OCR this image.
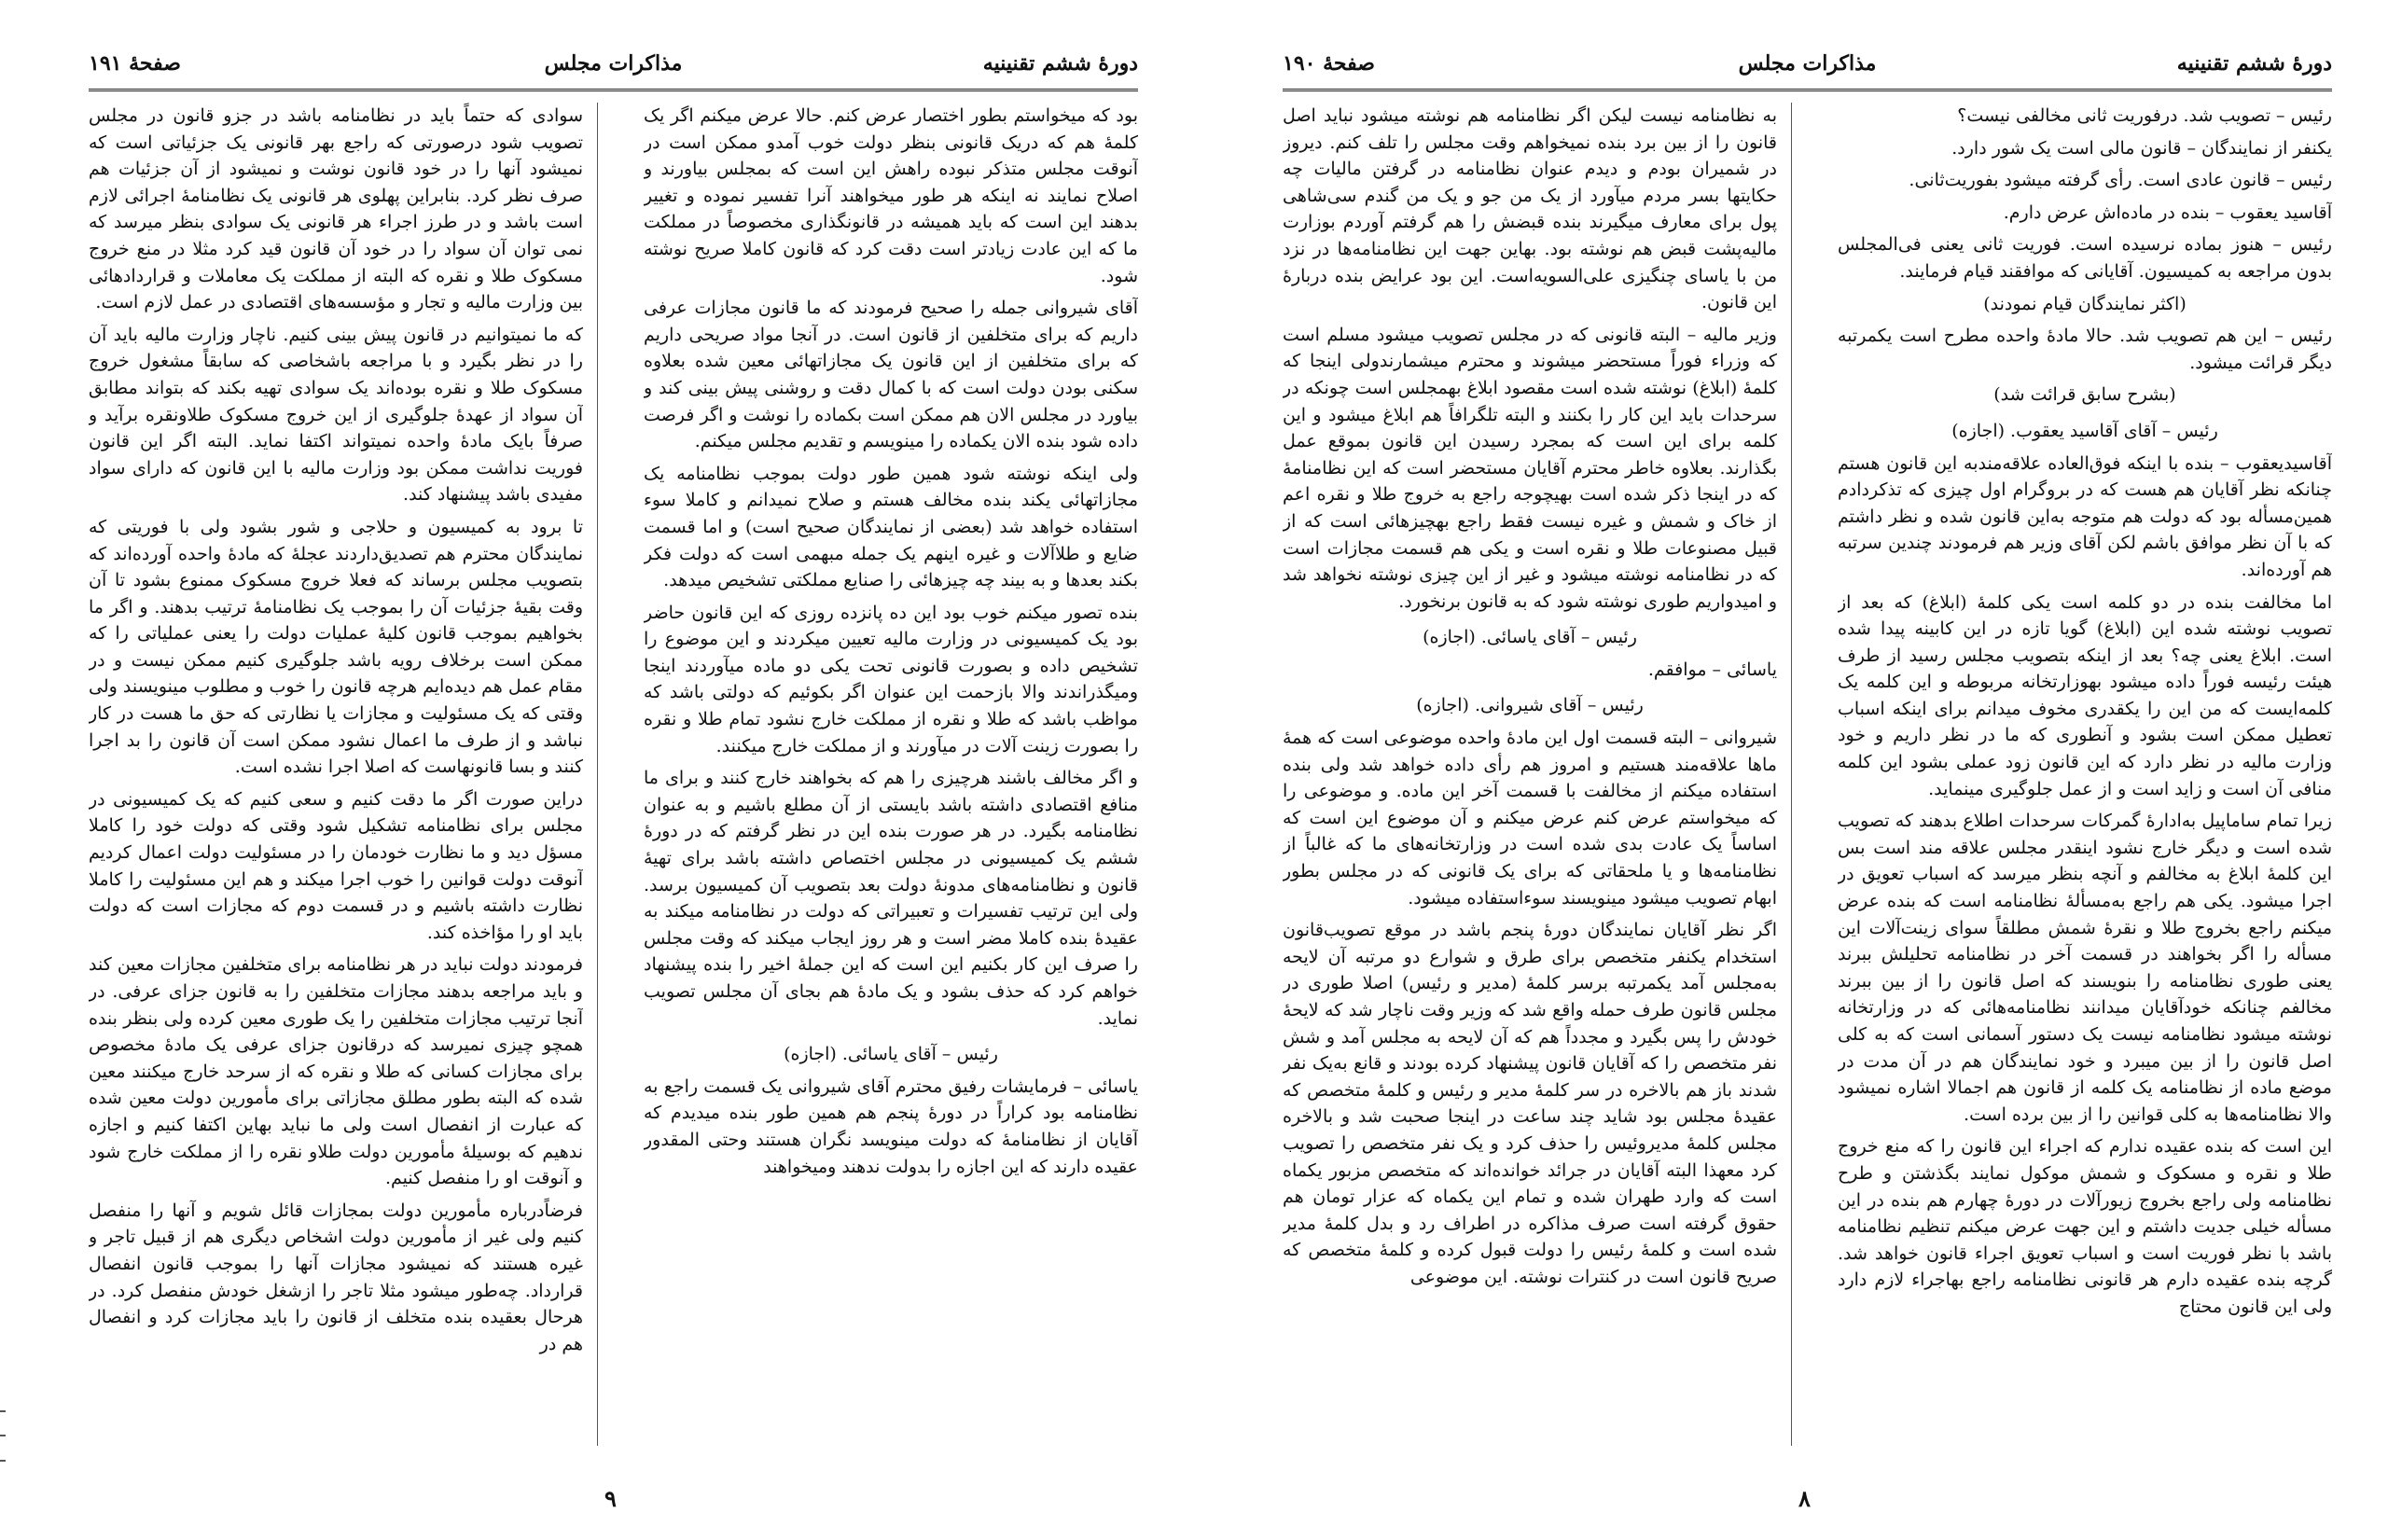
دورهٔ ششم تقنینیه
مذاکرات مجلس
صفحهٔ ۱۹۱

بود که میخواستم بطور اختصار عرض کنم. حالا عرض میکنم اگر یک کلمهٔ هم که دریک قانونی بنظر دولت خوب آمدو ممکن است در آنوقت مجلس متذکر نبوده راهش این است که بمجلس بیاورند و اصلاح نمایند نه اینکه هر طور میخواهند آنرا تفسیر نموده و تغییر بدهند این است که باید همیشه در قانونگذاری مخصوصاً در مملکت ما که این عادت زیادتر است دقت کرد که قانون کاملا صریح نوشته شود.

آقای شیروانی جمله را صحیح فرمودند که ما قانون مجازات عرفی داریم که برای متخلفین از قانون است. در آنجا مواد صریحی داریم که برای متخلفین از این قانون یک مجازاتهائی معین شده بعلاوه سکنی بودن دولت است که با کمال دقت و روشنی پیش بینی کند و بیاورد در مجلس الان هم ممکن است بکماده را نوشت و اگر فرصت داده شود بنده الان یکماده را مینویسم و تقدیم مجلس میکنم.

ولی اینکه نوشته شود همین طور دولت بموجب نظامنامه یک مجازاتهائی یکند بنده مخالف هستم و صلاح نمیدانم و کاملا سوء استفاده خواهد شد (بعضی از نمایندگان صحیح است) و اما قسمت ضایع و طلاآلات و غیره اینهم یک جمله مبهمی است که دولت فکر بکند بعدها و به بیند چه چیزهائی را صنایع مملکتی تشخیص میدهد.

بنده تصور میکنم خوب بود این ده پانزده روزی که این قانون حاضر بود یک کمیسیونی در وزارت مالیه تعیین میکردند و این موضوع را تشخیص داده و بصورت قانونی تحت یکی دو ماده میآوردند اینجا ومیگذراندند والا بازحمت این عنوان اگر بکوئیم که دولتی باشد که مواظب باشد که طلا و نقره از مملکت خارج نشود تمام طلا و نقره را بصورت زینت آلات در میآورند و از مملکت خارج میکنند.

و اگر مخالف باشند هرچیزی را هم که بخواهند خارج کنند و برای ما منافع اقتصادی داشته باشد بایستی از آن مطلع باشیم و به عنوان نظامنامه بگیرد. در هر صورت بنده این در نظر گرفتم که در دورهٔ ششم یک کمیسیونی در مجلس اختصاص داشته باشد برای تهیهٔ قانون و نظامنامه‌های مدونهٔ دولت بعد بتصویب آن کمیسیون برسد. ولی این ترتیب تفسیرات و تعبیراتی که دولت در نظامنامه میکند به عقیدهٔ بنده کاملا مضر است و هر روز ایجاب میکند که وقت مجلس را صرف این کار بکنیم این است که این جملهٔ اخیر را بنده پیشنهاد خواهم کرد که حذف بشود و یک مادهٔ هم بجای آن مجلس تصویب نماید.

رئیس – آقای یاسائی. (اجازه)

یاسائی – فرمایشات رفیق محترم آقای شیروانی یک قسمت راجع به نظامنامه بود کراراً در دورهٔ پنجم هم همین طور بنده میدیدم که آقایان از نظامنامهٔ که دولت مینویسد نگران هستند وحتی المقدور عقیده دارند که این اجازه را بدولت ندهند ومیخواهند

سوادی که حتماً باید در نظامنامه باشد در جزو قانون در مجلس تصویب شود درصورتی که راجع بهر قانونی یک جزئیاتی است که نمیشود آنها را در خود قانون نوشت و نمیشود از آن جزئیات هم صرف نظر کرد. بنابراین پهلوی هر قانونی یک نظامنامهٔ اجرائی لازم است باشد و در طرز اجراء هر قانونی یک سوادی بنظر میرسد که نمی توان آن سواد را در خود آن قانون قید کرد مثلا در منع خروج مسکوک طلا و نقره که البته از مملکت یک معاملات و قراردادهائی بین وزارت مالیه و تجار و مؤسسه‌های اقتصادی در عمل لازم است.

که ما نمیتوانیم در قانون پیش بینی کنیم. ناچار وزارت مالیه باید آن را در نظر بگیرد و با مراجعه باشخاصی که سابقاً مشغول خروج مسکوک طلا و نقره بوده‌اند یک سوادی تهیه بکند که بتواند مطابق آن سواد از عهدهٔ جلوگیری از این خروج مسکوک طلاونقره برآید و صرفاً بایک مادهٔ واحده نمیتواند اکتفا نماید. البته اگر این قانون فوریت نداشت ممکن بود وزارت مالیه با این قانون که دارای سواد مفیدی باشد پیشنهاد کند.

تا برود به کمیسیون و حلاجی و شور بشود ولی با فوریتی که نمایندگان محترم هم تصدیق‌داردند عجلهٔ که مادهٔ واحده آورده‌اند که بتصویب مجلس برساند که فعلا خروج مسکوک ممنوع بشود تا آن وقت بقیهٔ جزئیات آن را بموجب یک نظامنامهٔ ترتیب بدهند. و اگر ما بخواهیم بموجب قانون کلیهٔ عملیات دولت را یعنی عملیاتی را که ممکن است برخلاف رویه باشد جلوگیری کنیم ممکن نیست و در مقام عمل هم دیده‌ایم هرچه قانون را خوب و مطلوب مینویسند ولی وقتی که یک مسئولیت و مجازات یا نظارتی که حق ما هست در کار نباشد و از طرف ما اعمال نشود ممکن است آن قانون را بد اجرا کنند و بسا قانونهاست که اصلا اجرا نشده است.

دراین صورت اگر ما دقت کنیم و سعی کنیم که یک کمیسیونی در مجلس برای نظامنامه تشکیل شود وقتی که دولت خود را کاملا مسؤل دید و ما نظارت خودمان را در مسئولیت دولت اعمال کردیم آنوقت دولت قوانین را خوب اجرا میکند و هم این مسئولیت را کاملا نظارت داشته باشیم و در قسمت دوم که مجازات است که دولت باید او را مؤاخذه کند.

فرمودند دولت نباید در هر نظامنامه برای متخلفین مجازات معین کند و باید مراجعه بدهند مجازات متخلفین را به قانون جزای عرفی. در آنجا ترتیب مجازات متخلفین را یک طوری معین کرده ولی بنظر بنده همچو چیزی نمیرسد که درقانون جزای عرفی یک مادهٔ مخصوص برای مجازات کسانی که طلا و نقره که از سرحد خارج میکنند معین شده که البته بطور مطلق مجازاتی برای مأمورین دولت معین شده که عبارت از انفصال است ولی ما نباید بهاین اکتفا کنیم و اجازه ندهیم که بوسیلهٔ مأمورین دولت طلاو نقره را از مملکت خارج شود و آنوقت او را منفصل کنیم.

فرضاًدرباره مأمورین دولت بمجازات قائل شویم و آنها را منفصل کنیم ولی غیر از مأمورین دولت اشخاص دیگری هم از قبیل تاجر و غیره هستند که نمیشود مجازات آنها را بموجب قانون انفصال قرارداد. چه‌طور میشود مثلا تاجر را ازشغل خودش منفصل کرد. در هرحال بعقیده بنده متخلف از قانون را باید مجازات کرد و انفصال هم در

۹
دورهٔ ششم تقنینیه
مذاکرات مجلس
صفحهٔ ۱۹۰

رئیس – تصویب شد. درفوریت ثانی مخالفی نیست؟

یکنفر از نمایندگان – قانون مالی است یک شور دارد.

رئیس – قانون عادی است. رأی گرفته میشود بفوریت‌ثانی.

آقاسید یعقوب – بنده در ماده‌اش عرض دارم.

رئیس – هنوز بماده نرسیده است. فوریت ثانی یعنی فی‌المجلس بدون مراجعه به کمیسیون. آقایانی که موافقند قیام فرمایند.

(اکثر نمایندگان قیام نمودند)

رئیس – این هم تصویب شد. حالا مادهٔ واحده مطرح است یکمرتبه دیگر قرائت میشود.

(بشرح سابق قرائت شد)

رئیس – آقای آقاسید یعقوب. (اجازه)

آقاسیدیعقوب – بنده با اینکه فوق‌العاده علاقه‌مندبه این قانون هستم چنانکه نظر آقایان هم هست که در بروگرام اول چیزی که تذکردادم همین‌مسأله بود که دولت هم متوجه به‌این قانون شده و نظر داشتم که با آن نظر موافق باشم لکن آقای وزیر هم فرمودند چندین سرتبه هم آورده‌اند.

اما مخالفت بنده در دو کلمه است یکی کلمهٔ (ابلاغ) که بعد از تصویب نوشته شده این (ابلاغ) گویا تازه در این کابینه پیدا شده است. ابلاغ یعنی چه؟ بعد از اینکه بتصویب مجلس رسید از طرف هیئت رئیسه فوراً داده میشود بهوزارتخانه مربوطه و این کلمه یک کلمه‌ایست که من این را یکقدری مخوف میدانم برای اینکه اسباب تعطیل ممکن است بشود و آنطوری که ما در نظر داریم و خود وزارت مالیه در نظر دارد که این قانون زود عملی بشود این کلمه منافی آن است و زاید است و از عمل جلوگیری مینماید.

زیرا تمام ساماپیل به‌ادارهٔ گمرکات سرحدات اطلاع بدهند که تصویب شده است و دیگر خارج نشود اینقدر مجلس علاقه مند است بس این کلمهٔ ابلاغ به مخالفم و آنچه بنظر میرسد که اسباب تعویق در اجرا میشود. یکی هم راجع به‌مسألهٔ نظامنامه است که بنده عرض میکنم راجع بخروج طلا و نقرهٔ شمش مطلقاً سوای زینت‌آلات این مسأله را اگر بخواهند در قسمت آخر در نظامنامه تحلیلش ببرند یعنی طوری نظامنامه را بنویسند که اصل قانون را از بین ببرند مخالفم چنانکه خودآقایان میدانند نظامنامه‌هائی که در وزارتخانه نوشته میشود نظامنامه نیست یک دستور آسمانی است که به کلی اصل قانون را از بین میبرد و خود نمایندگان هم در آن مدت در موضع ماده از نظامنامه یک کلمه از قانون هم اجمالا اشاره نمیشود والا نظامنامه‌ها به کلی قوانین را از بین برده است.

این است که بنده عقیده ندارم که اجراء این قانون را که منع خروج طلا و نقره و مسکوک و شمش موکول نمایند بگذشتن و طرح نظامنامه ولی راجع بخروج زیورآلات در دورهٔ چهارم هم بنده در این مسأله خیلی جدیت داشتم و این جهت عرض میکنم تنظیم نظامنامه باشد با نظر فوریت است و اسباب تعویق اجراء قانون خواهد شد. گرچه بنده عقیده دارم هر قانونی نظامنامه راجع بهاجراء لازم دارد ولی این قانون محتاج

به نظامنامه نیست لیکن اگر نظامنامه هم نوشته میشود نباید اصل قانون را از بین برد بنده نمیخواهم وقت مجلس را تلف کنم. دیروز در شمیران بودم و دیدم عنوان نظامنامه در گرفتن مالیات چه حکایتها بسر مردم میآورد از یک من جو و یک من گندم سی‌شاهی پول برای معارف میگیرند بنده قبضش را هم گرفتم آوردم بوزارت مالیه‌پشت قبض هم نوشته بود. بهاین جهت این نظامنامه‌ها در نزد من با یاسای چنگیزی علی‌السویه‌است. این بود عرایض بنده دربارهٔ این قانون.

وزیر مالیه – البته قانونی که در مجلس تصویب میشود مسلم است که وزراء فوراً مستحضر میشوند و محترم میشمارندولی اینجا که کلمهٔ (ابلاغ) نوشته شده است مقصود ابلاغ بهمجلس است چونکه در سرحدات باید این کار را بکنند و البته تلگرافاً هم ابلاغ میشود و این کلمه برای این است که بمجرد رسیدن این قانون بموقع عمل بگذارند. بعلاوه خاطر محترم آقایان مستحضر است که این نظامنامهٔ که در اینجا ذکر شده است بهیچوجه راجع به خروج طلا و نقره اعم از خاک و شمش و غیره نیست فقط راجع بهچیزهائی است که از قبیل مصنوعات طلا و نقره است و یکی هم قسمت مجازات است که در نظامنامه نوشته میشود و غیر از این چیزی نوشته نخواهد شد و امیدواریم طوری نوشته شود که به قانون برنخورد.

رئیس – آقای یاسائی. (اجازه)

یاسائی – موافقم.

رئیس – آقای شیروانی. (اجازه)

شیروانی – البته قسمت اول این مادهٔ واحده موضوعی است که همهٔ ما‌ها علاقه‌مند هستیم و امروز هم رأی داده خواهد شد ولی بنده استفاده میکنم از مخالفت با قسمت آخر این ماده. و موضوعی را که میخواستم عرض کنم عرض میکنم و آن موضوع این است که اساساً یک عادت بدی شده است در وزارتخانه‌های ما که غالباً از نظامنامه‌ها و یا ملحقاتی که برای یک قانونی که در مجلس بطور ابهام تصویب میشود مینویسند سوءاستفاده میشود.

اگر نظر آقایان نمایندگان دورهٔ پنجم باشد در موقع تصویب‌قانون استخدام یکنفر متخصص برای طرق و شوارع دو مرتبه آن لایحه به‌مجلس آمد یکمرتبه برسر کلمهٔ (مدیر و رئیس) اصلا طوری در مجلس قانون طرف حمله واقع شد که وزیر وقت ناچار شد که لایحهٔ خودش را پس بگیرد و مجدداً هم که آن لایحه به مجلس آمد و شش نفر متخصص را که آقایان قانون پیشنهاد کرده بودند و قانع به‌یک نفر شدند باز هم بالاخره در سر کلمهٔ مدیر و رئیس و کلمهٔ متخصص که عقیدهٔ مجلس بود شاید چند ساعت در اینجا صحبت شد و بالاخره مجلس کلمهٔ مدیروئیس را حذف کرد و یک نفر متخصص را تصویب کرد معهذا البته آقایان در جرائد خوانده‌اند که متخصص مزبور یکماه است که وارد طهران شده و تمام این یکماه که عزار تومان هم حقوق گرفته است صرف مذاکره در اطراف رد و بدل کلمهٔ مدیر شده است و کلمهٔ رئیس را دولت قبول کرده و کلمهٔ متخصص که صریح قانون است در کنترات نوشته. این موضوعی

۸
